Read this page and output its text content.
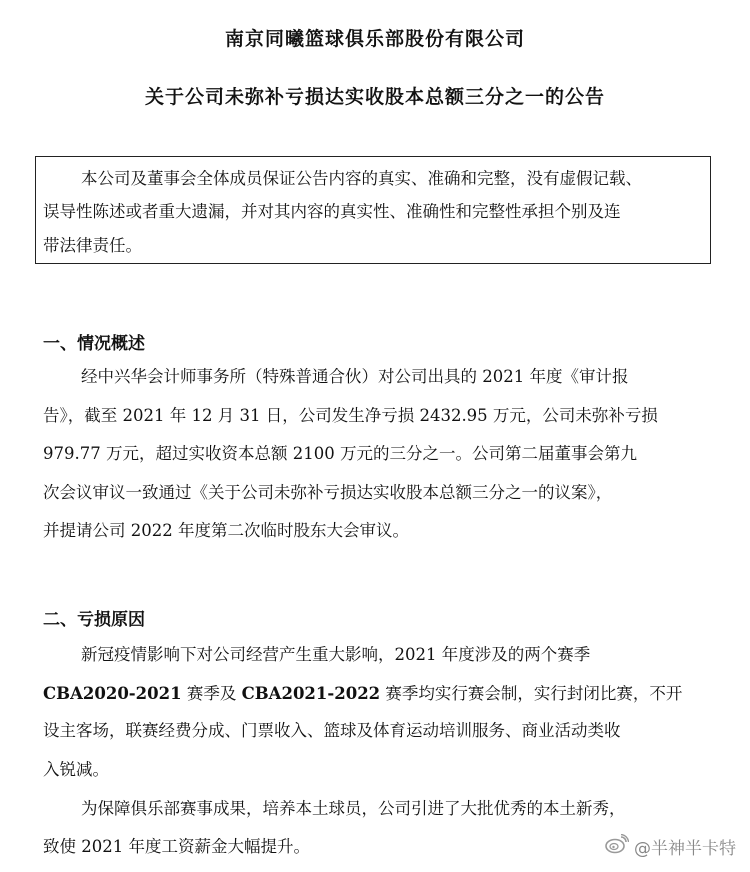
南京同曦篮球俱乐部股份有限公司
关于公司未弥补亏损达实收股本总额三分之一的公告

本公司及董事会全体成员保证公告内容的真实、准确和完整，没有虚假记载、

误导性陈述或者重大遗漏，并对其内容的真实性、准确性和完整性承担个别及连

带法律责任。

一、情况概述

经中兴华会计师事务所（特殊普通合伙）对公司出具的 2021 年度《审计报

告》，截至 2021 年 12 月 31 日，公司发生净亏损 2432.95 万元，公司未弥补亏损

979.77 万元，超过实收资本总额 2100 万元的三分之一。公司第二届董事会第九

次会议审议一致通过《关于公司未弥补亏损达实收股本总额三分之一的议案》，

并提请公司 2022 年度第二次临时股东大会审议。

二、亏损原因

新冠疫情影响下对公司经营产生重大影响，2021 年度涉及的两个赛季

CBA2020-2021 赛季及 CBA2021-2022 赛季均实行赛会制，实行封闭比赛，不开

设主客场，联赛经费分成、门票收入、篮球及体育运动培训服务、商业活动类收

入锐减。

为保障俱乐部赛事成果，培养本土球员，公司引进了大批优秀的本土新秀，

致使 2021 年度工资薪金大幅提升。	@半神半卡特
